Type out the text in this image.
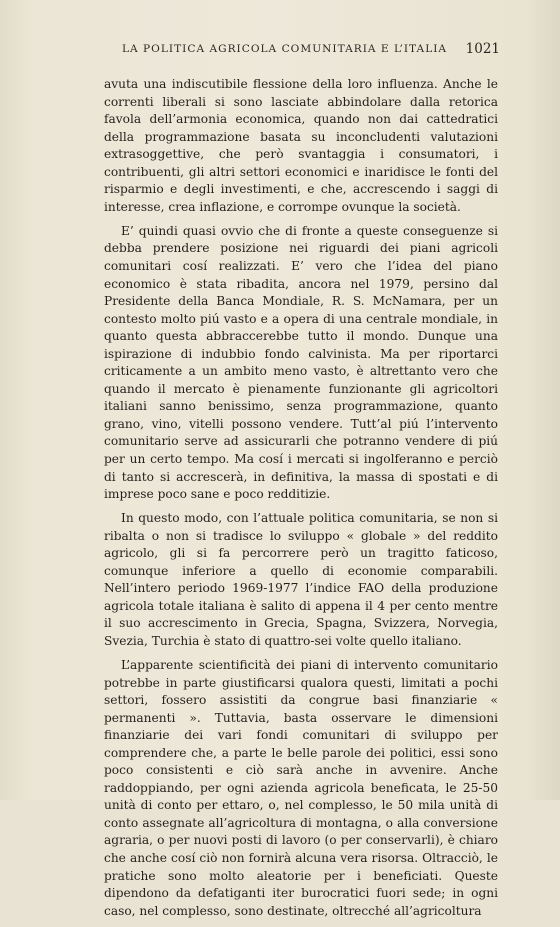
LA POLITICA AGRICOLA COMUNITARIA E L’ITALIA 1021

avuta una indiscutibile flessione della loro influenza. Anche le correnti liberali si sono lasciate abbindolare dalla retorica favola dell’armonia economica, quando non dai cattedratici della programmazione basata su inconcludenti valutazioni extrasoggettive, che però svantaggia i consumatori, i contribuenti, gli altri settori economici e inaridisce le fonti del risparmio e degli investimenti, e che, accrescendo i saggi di interesse, crea inflazione, e corrompe ovunque la società.

E’ quindi quasi ovvio che di fronte a queste conseguenze si debba prendere posizione nei riguardi dei piani agricoli comunitari cosí realizzati. E’ vero che l’idea del piano economico è stata ribadita, ancora nel 1979, persino dal Presidente della Banca Mondiale, R. S. McNamara, per un contesto molto piú vasto e a opera di una centrale mondiale, in quanto questa abbraccerebbe tutto il mondo. Dunque una ispirazione di indubbio fondo calvinista. Ma per riportarci criticamente a un ambito meno vasto, è altrettanto vero che quando il mercato è pienamente funzionante gli agricoltori italiani sanno benissimo, senza programmazione, quanto grano, vino, vitelli possono vendere. Tutt’al piú l’intervento comunitario serve ad assicurarli che potranno vendere di piú per un certo tempo. Ma cosí i mercati si ingolferanno e perciò di tanto si accrescerà, in definitiva, la massa di spostati e di imprese poco sane e poco redditizie.

In questo modo, con l’attuale politica comunitaria, se non si ribalta o non si tradisce lo sviluppo « globale » del reddito agricolo, gli si fa percorrere però un tragitto faticoso, comunque inferiore a quello di economie comparabili. Nell’intero periodo 1969-1977 l’indice FAO della produzione agricola totale italiana è salito di appena il 4 per cento mentre il suo accrescimento in Grecia, Spagna, Svizzera, Norvegia, Svezia, Turchia è stato di quattro-sei volte quello italiano.

L’apparente scientificità dei piani di intervento comunitario potrebbe in parte giustificarsi qualora questi, limitati a pochi settori, fossero assistiti da congrue basi finanziarie « permanenti ». Tuttavia, basta osservare le dimensioni finanziarie dei vari fondi comunitari di sviluppo per comprendere che, a parte le belle parole dei politici, essi sono poco consistenti e ciò sarà anche in avvenire. Anche raddoppiando, per ogni azienda agricola beneficata, le 25-50 unità di conto per ettaro, o, nel complesso, le 50 mila unità di conto assegnate all’agricoltura di montagna, o alla conversione agraria, o per nuovi posti di lavoro (o per conservarli), è chiaro che anche cosí ciò non fornirà alcuna vera risorsa. Oltracciò, le pratiche sono molto aleatorie per i beneficiati. Queste dipendono da defatiganti iter burocratici fuori sede; in ogni caso, nel complesso, sono destinate, oltrecché all’agricoltura
